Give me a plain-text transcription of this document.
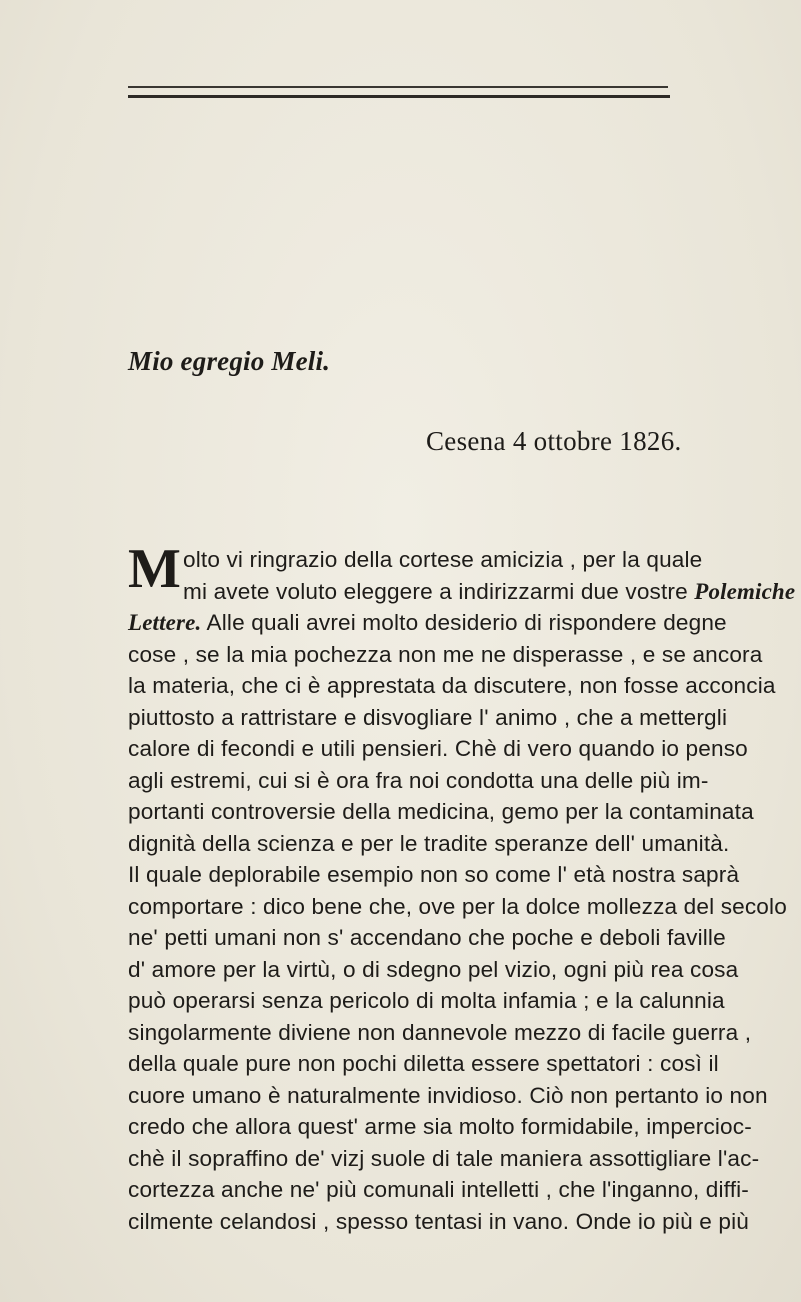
Mio egregio Meli.
Cesena 4 ottobre 1826.
M olto vi ringrazio della cortese amicizia , per la quale
mi avete voluto eleggere a indirizzarmi due vostre Polemiche
Lettere. Alle quali avrei molto desiderio di rispondere degne
cose , se la mia pochezza non me ne disperasse , e se ancora
la materia, che ci è apprestata da discutere, non fosse acconcia
piuttosto a rattristare e disvogliare l' animo , che a mettergli
calore di fecondi e utili pensieri. Chè di vero quando io penso
agli estremi, cui si è ora fra noi condotta una delle più im-
portanti controversie della medicina, gemo per la contaminata
dignità della scienza e per le tradite speranze dell' umanità.
Il quale deplorabile esempio non so come l' età nostra saprà
comportare : dico bene che, ove per la dolce mollezza del secolo
ne' petti umani non s' accendano che poche e deboli faville
d' amore per la virtù, o di sdegno pel vizio, ogni più rea cosa
può operarsi senza pericolo di molta infamia ; e la calunnia
singolarmente diviene non dannevole mezzo di facile guerra ,
della quale pure non pochi diletta essere spettatori : così il
cuore umano è naturalmente invidioso. Ciò non pertanto io non
credo che allora quest' arme sia molto formidabile, impercioc-
chè il sopraffino de' vizj suole di tale maniera assottigliare l'ac-
cortezza anche ne' più comunali intelletti , che l'inganno, diffi-
cilmente celandosi , spesso tentasi in vano. Onde io più e più
